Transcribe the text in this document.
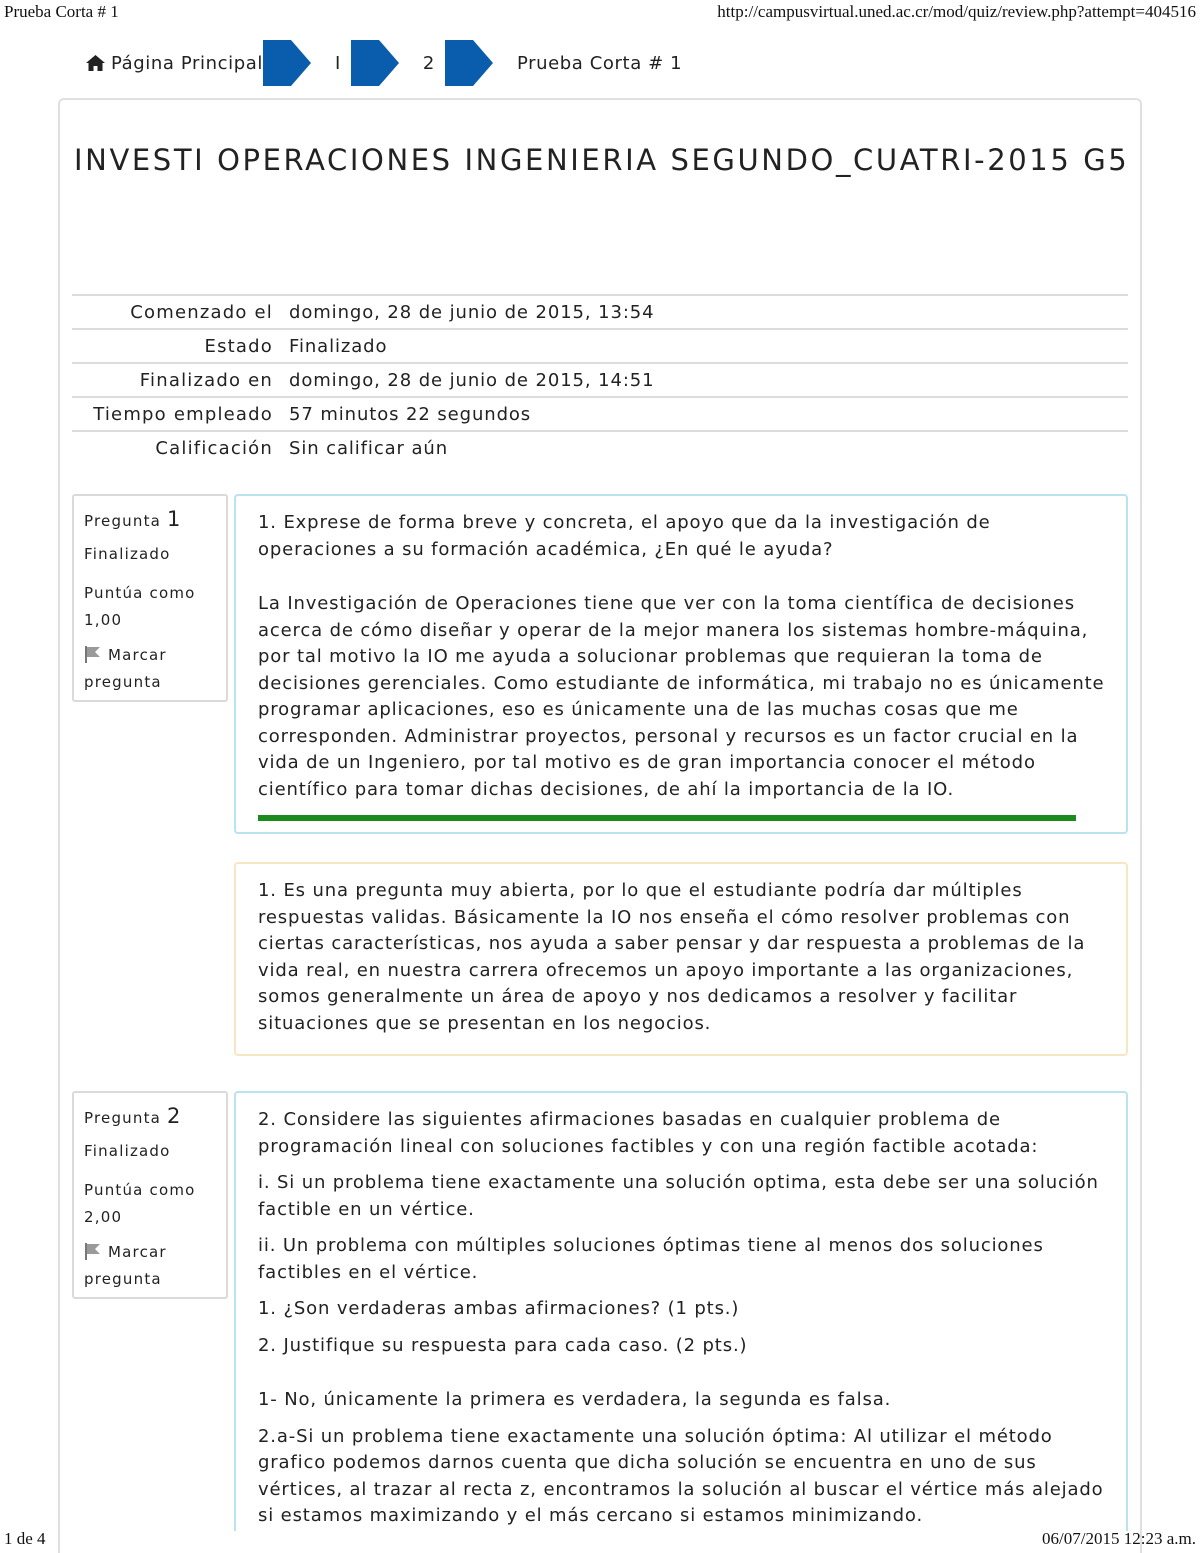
Prueba Corta # 1	http://campusvirtual.uned.ac.cr/mod/quiz/review.php?attempt=404516
Página Principal	I	2	Prueba Corta # 1
INVESTI OPERACIONES INGENIERIA SEGUNDO_CUATRI-2015 G5
Comenzado el	domingo, 28 de junio de 2015, 13:54
Estado	Finalizado
Finalizado en	domingo, 28 de junio de 2015, 14:51
Tiempo empleado	57 minutos 22 segundos
Calificación	Sin calificar aún
Pregunta 1
Finalizado
Puntúa como 1,00
Marcar pregunta

1. Exprese de forma breve y concreta, el apoyo que da la investigación de operaciones a su formación académica, ¿En qué le ayuda?

La Investigación de Operaciones tiene que ver con la toma científica de decisiones acerca de cómo diseñar y operar de la mejor manera los sistemas hombre-máquina, por tal motivo la IO me ayuda a solucionar problemas que requieran la toma de decisiones gerenciales. Como estudiante de informática, mi trabajo no es únicamente programar aplicaciones, eso es únicamente una de las muchas cosas que me corresponden. Administrar proyectos, personal y recursos es un factor crucial en la vida de un Ingeniero, por tal motivo es de gran importancia conocer el método científico para tomar dichas decisiones, de ahí la importancia de la IO.

1. Es una pregunta muy abierta, por lo que el estudiante podría dar múltiples respuestas validas. Básicamente la IO nos enseña el cómo resolver problemas con ciertas características, nos ayuda a saber pensar y dar respuesta a problemas de la vida real, en nuestra carrera ofrecemos un apoyo importante a las organizaciones, somos generalmente un área de apoyo y nos dedicamos a resolver y facilitar situaciones que se presentan en los negocios.

Pregunta 2
Finalizado
Puntúa como 2,00
Marcar pregunta

2. Considere las siguientes afirmaciones basadas en cualquier problema de programación lineal con soluciones factibles y con una región factible acotada:

i. Si un problema tiene exactamente una solución optima, esta debe ser una solución factible en un vértice.

ii. Un problema con múltiples soluciones óptimas tiene al menos dos soluciones factibles en el vértice.

1. ¿Son verdaderas ambas afirmaciones? (1 pts.)

2. Justifique su respuesta para cada caso. (2 pts.)

1- No, únicamente la primera es verdadera, la segunda es falsa.

2.a-Si un problema tiene exactamente una solución óptima: Al utilizar el método grafico podemos darnos cuenta que dicha solución se encuentra en uno de sus vértices, al trazar al recta z, encontramos la solución al buscar el vértice más alejado si estamos maximizando y el más cercano si estamos minimizando.

1 de 4	06/07/2015 12:23 a.m.
